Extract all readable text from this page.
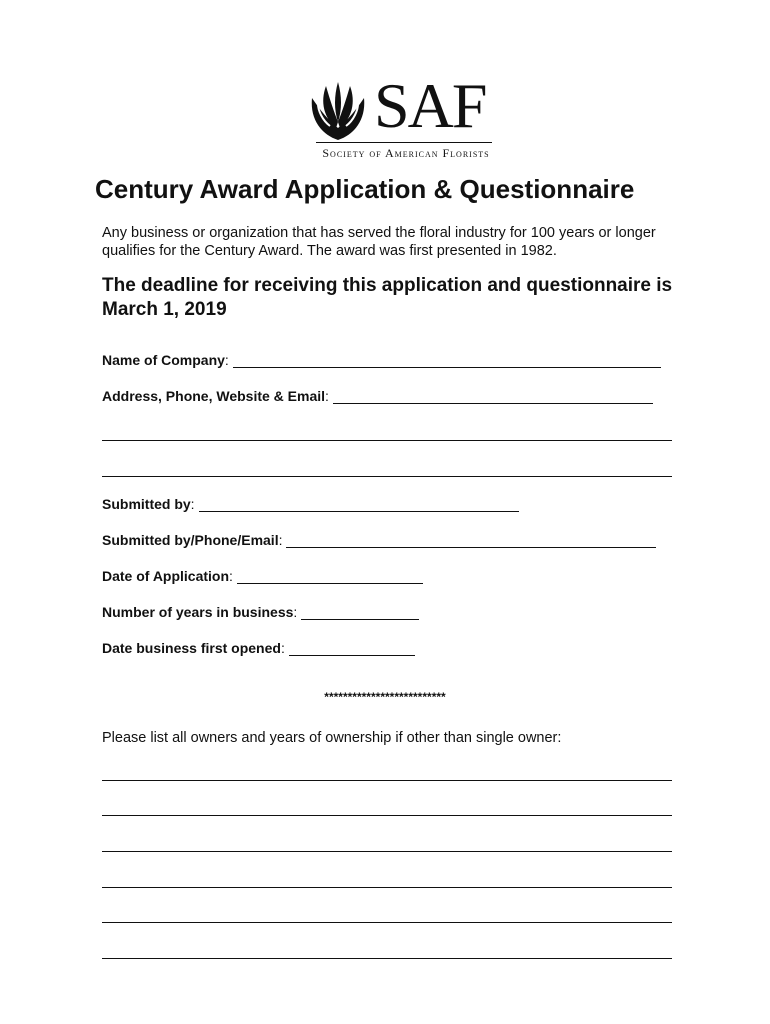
SAF
Society of American Florists
Century Award Application & Questionnaire
Any business or organization that has served the floral industry for 100 years or longer qualifies for the Century Award. The award was first presented in 1982.
The deadline for receiving this application and questionnaire is March 1, 2019
Name of Company :
Address, Phone, Website & Email :
Submitted by :
Submitted by/Phone/Email :
Date of Application :
Number of years in business :
Date business first opened :
**************************
Please list all owners and years of ownership if other than single owner:
